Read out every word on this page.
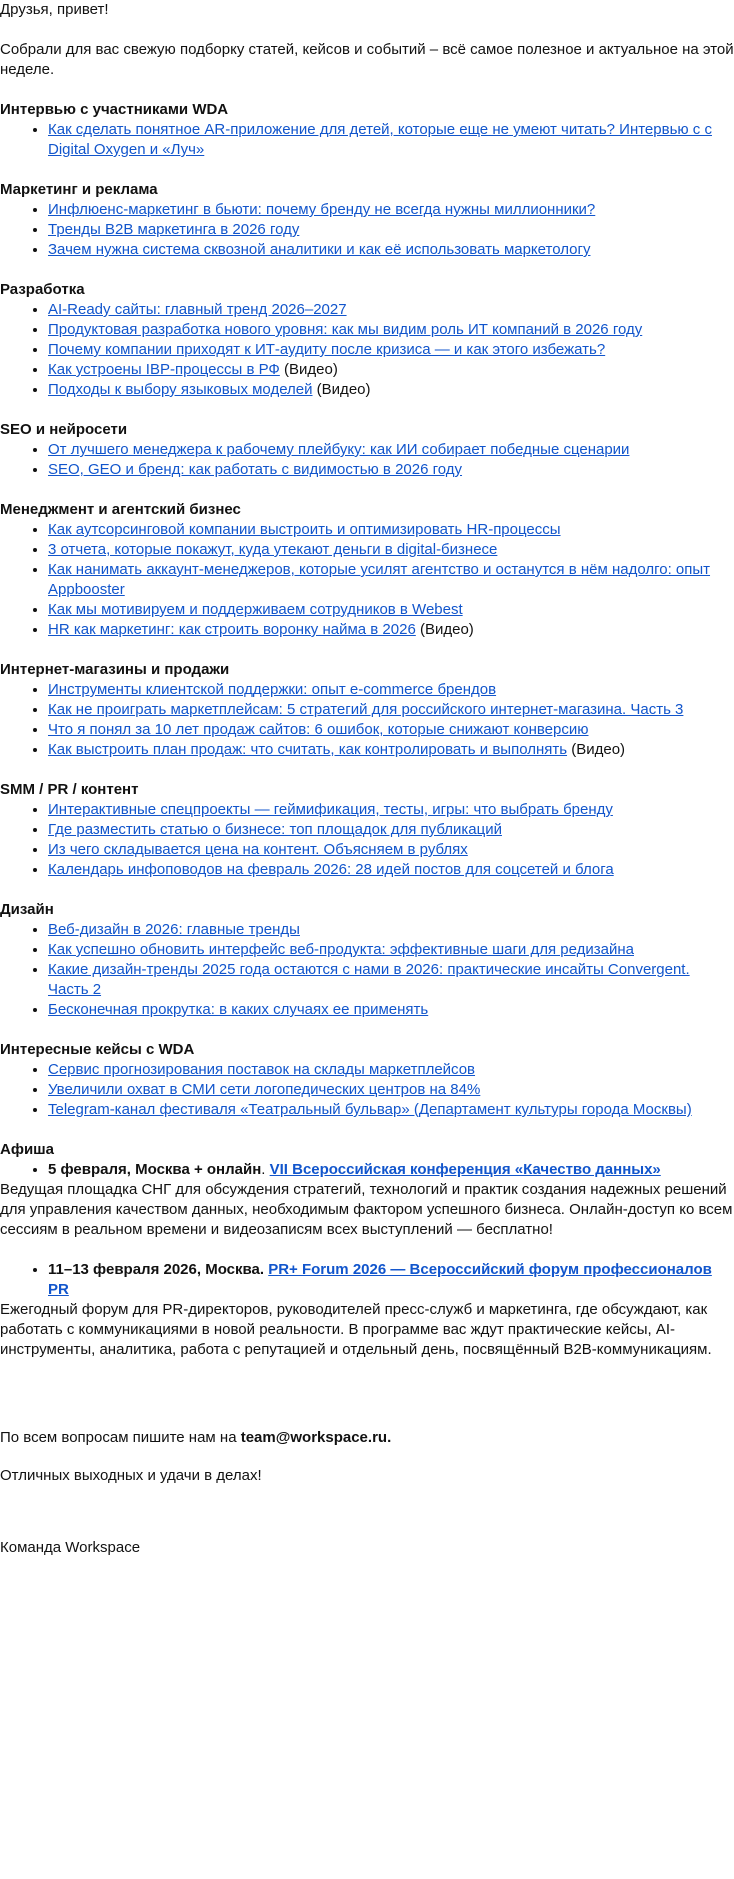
Друзья, привет!

Собрали для вас свежую подборку статей, кейсов и событий – всё самое полезное и актуальное на этой неделе.

Интервью с участниками WDA

• Как сделать понятное AR-приложение для детей, которые еще не умеют читать? Интервью с с Digital Oxygen и «Луч»

Маркетинг и реклама

• Инфлюенс-маркетинг в бьюти: почему бренду не всегда нужны миллионники?
• Тренды B2B маркетинга в 2026 году
• Зачем нужна система сквозной аналитики и как её использовать маркетологу

Разработка

• AI-Ready сайты: главный тренд 2026–2027
• Продуктовая разработка нового уровня: как мы видим роль ИТ компаний в 2026 году
• Почему компании приходят к ИТ-аудиту после кризиса — и как этого избежать?
• Как устроены IBP-процессы в РФ (Видео)
• Подходы к выбору языковых моделей (Видео)

SEO и нейросети

• От лучшего менеджера к рабочему плейбуку: как ИИ собирает победные сценарии
• SEO, GEO и бренд: как работать с видимостью в 2026 году

Менеджмент и агентский бизнес

• Как аутсорсинговой компании выстроить и оптимизировать HR-процессы
• 3 отчета, которые покажут, куда утекают деньги в digital-бизнесе
• Как нанимать аккаунт-менеджеров, которые усилят агентство и останутся в нём надолго: опыт Appbooster
• Как мы мотивируем и поддерживаем сотрудников в Webest
• HR как маркетинг: как строить воронку найма в 2026 (Видео)

Интернет-магазины и продажи

• Инструменты клиентской поддержки: опыт e-commerce брендов
• Как не проиграть маркетплейсам: 5 стратегий для российского интернет-магазина. Часть 3
• Что я понял за 10 лет продаж сайтов: 6 ошибок, которые снижают конверсию
• Как выстроить план продаж: что считать, как контролировать и выполнять (Видео)

SMM / PR / контент

• Интерактивные спецпроекты — геймификация, тесты, игры: что выбрать бренду
• Где разместить статью о бизнесе: топ площадок для публикаций
• Из чего складывается цена на контент. Объясняем в рублях
• Календарь инфоповодов на февраль 2026: 28 идей постов для соцсетей и блога

Дизайн

• Веб-дизайн в 2026: главные тренды
• Как успешно обновить интерфейс веб-продукта: эффективные шаги для редизайна
• Какие дизайн-тренды 2025 года остаются с нами в 2026: практические инсайты Convergent. Часть 2
• Бесконечная прокрутка: в каких случаях ее применять

Интересные кейсы с WDA

• Сервис прогнозирования поставок на склады маркетплейсов
• Увеличили охват в СМИ сети логопедических центров на 84%
• Telegram-канал фестиваля «Театральный бульвар» (Департамент культуры города Москвы)

Афиша

• 5 февраля, Москва + онлайн. VII Всероссийская конференция «Качество данных»

Ведущая площадка СНГ для обсуждения стратегий, технологий и практик создания надежных решений для управления качеством данных, необходимым фактором успешного бизнеса. Онлайн-доступ ко всем сессиям в реальном времени и видеозаписям всех выступлений — бесплатно!

• 11–13 февраля 2026, Москва. PR+ Forum 2026 — Всероссийский форум профессионалов PR

Ежегодный форум для PR-директоров, руководителей пресс-служб и маркетинга, где обсуждают, как работать с коммуникациями в новой реальности. В программе вас ждут практические кейсы, AI-инструменты, аналитика, работа с репутацией и отдельный день, посвящённый B2B-коммуникациям.

По всем вопросам пишите нам на team@workspace.ru.

Отличных выходных и удачи в делах!

Команда Workspace
